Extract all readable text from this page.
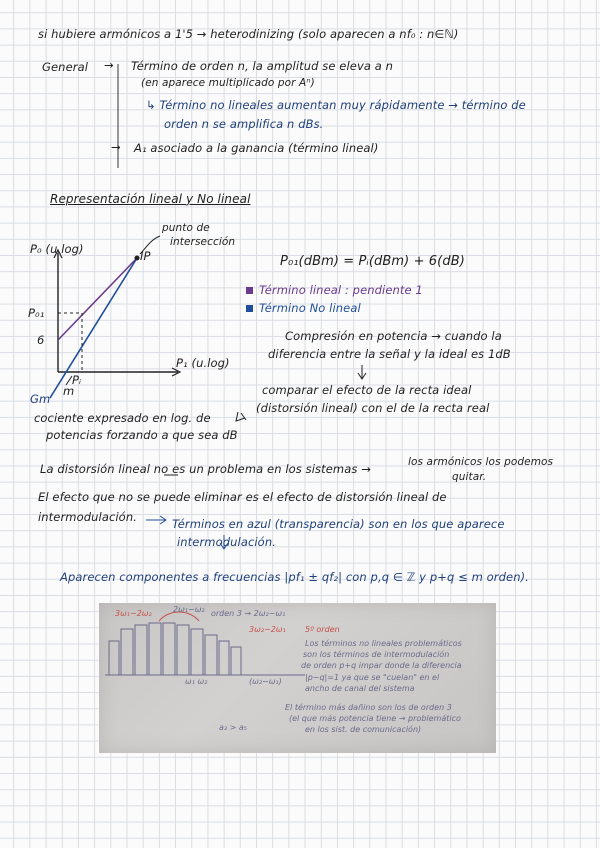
si hubiere armónicos a 1'5 → heterodinizing (solo aparecen a nf₀ : n∈ℕ)
General → Término de orden n, la amplitud se eleva a n
(en aparece multiplicado por Aⁿ)
↳ Término no lineales aumentan muy rápidamente → término de
orden n se amplifica n dBs.
→ A₁ asociado a la ganancia (término lineal)
Representación lineal y No lineal
P₀ (u.log)
punto de
intersección
IP
P₀₁
6
Gm
m
Pᵢ
P₁ (u.log)
P₀₁(dBm) = Pᵢ(dBm) + 6(dB)
Término lineal : pendiente 1
Término No lineal
Compresión en potencia → cuando la
diferencia entre la señal y la ideal es 1dB
comparar el efecto de la recta ideal
(distorsión lineal) con el de la recta real
cociente expresado en log. de
potencias forzando a que sea dB
La distorsión lineal no es un problema en los sistemas →	los armónicos los podemos
quitar.
El efecto que no se puede eliminar es el efecto de distorsión lineal de
intermodulación.	Términos en azul (transparencia) son en los que aparece
intermodulación.
Aparecen componentes a frecuencias |pf₁ ± qf₂| con p,q ∈ ℤ y p+q ≤ m orden).
3ω₁−2ω₂	2ω₁−ω₂ orden 3 → 2ω₂−ω₁
3ω₂−2ω₁ 5º orden
Los términos no lineales problemáticos
son los términos de intermodulación
de orden p+q impar donde la diferencia
|p−q|=1 ya que se "cuelan" en el
ancho de canal del sistema
El término más dañino son los de orden 3
(el que más potencia tiene → problemático
en los sist. de comunicación)
ω₁ ω₂	(ω₂−ω₁)
a₃ > a₅
